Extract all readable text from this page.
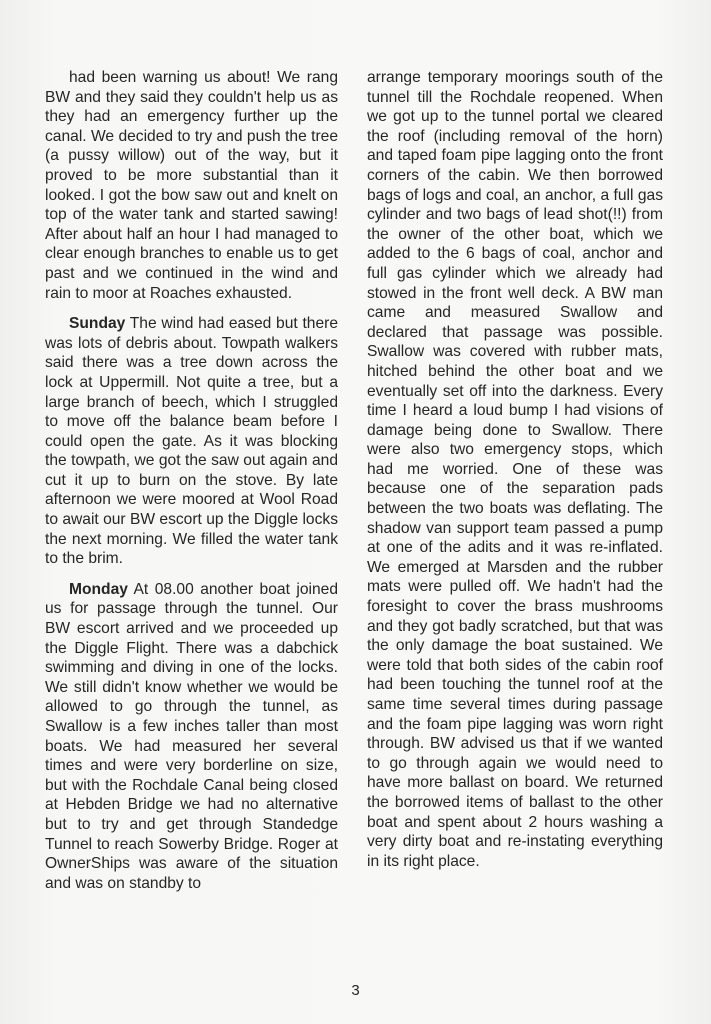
had been warning us about! We rang BW and they said they couldn't help us as they had an emergency further up the canal. We decided to try and push the tree (a pussy willow) out of the way, but it proved to be more substantial than it looked. I got the bow saw out and knelt on top of the water tank and started sawing! After about half an hour I had managed to clear enough branches to enable us to get past and we continued in the wind and rain to moor at Roaches exhausted.

Sunday The wind had eased but there was lots of debris about. Towpath walkers said there was a tree down across the lock at Uppermill. Not quite a tree, but a large branch of beech, which I struggled to move off the balance beam before I could open the gate. As it was blocking the towpath, we got the saw out again and cut it up to burn on the stove. By late afternoon we were moored at Wool Road to await our BW escort up the Diggle locks the next morning. We filled the water tank to the brim.

Monday At 08.00 another boat joined us for passage through the tunnel. Our BW escort arrived and we proceeded up the Diggle Flight. There was a dabchick swimming and diving in one of the locks. We still didn't know whether we would be allowed to go through the tunnel, as Swallow is a few inches taller than most boats. We had measured her several times and were very borderline on size, but with the Rochdale Canal being closed at Hebden Bridge we had no alternative but to try and get through Standedge Tunnel to reach Sowerby Bridge. Roger at OwnerShips was aware of the situation and was on standby to

arrange temporary moorings south of the tunnel till the Rochdale reopened. When we got up to the tunnel portal we cleared the roof (including removal of the horn) and taped foam pipe lagging onto the front corners of the cabin. We then borrowed bags of logs and coal, an anchor, a full gas cylinder and two bags of lead shot(!!) from the owner of the other boat, which we added to the 6 bags of coal, anchor and full gas cylinder which we already had stowed in the front well deck. A BW man came and measured Swallow and declared that passage was possible. Swallow was covered with rubber mats, hitched behind the other boat and we eventually set off into the darkness. Every time I heard a loud bump I had visions of damage being done to Swallow. There were also two emergency stops, which had me worried. One of these was because one of the separation pads between the two boats was deflating. The shadow van support team passed a pump at one of the adits and it was re-inflated. We emerged at Marsden and the rubber mats were pulled off. We hadn't had the foresight to cover the brass mushrooms and they got badly scratched, but that was the only damage the boat sustained. We were told that both sides of the cabin roof had been touching the tunnel roof at the same time several times during passage and the foam pipe lagging was worn right through. BW advised us that if we wanted to go through again we would need to have more ballast on board. We returned the borrowed items of ballast to the other boat and spent about 2 hours washing a very dirty boat and re-instating everything in its right place.

3
